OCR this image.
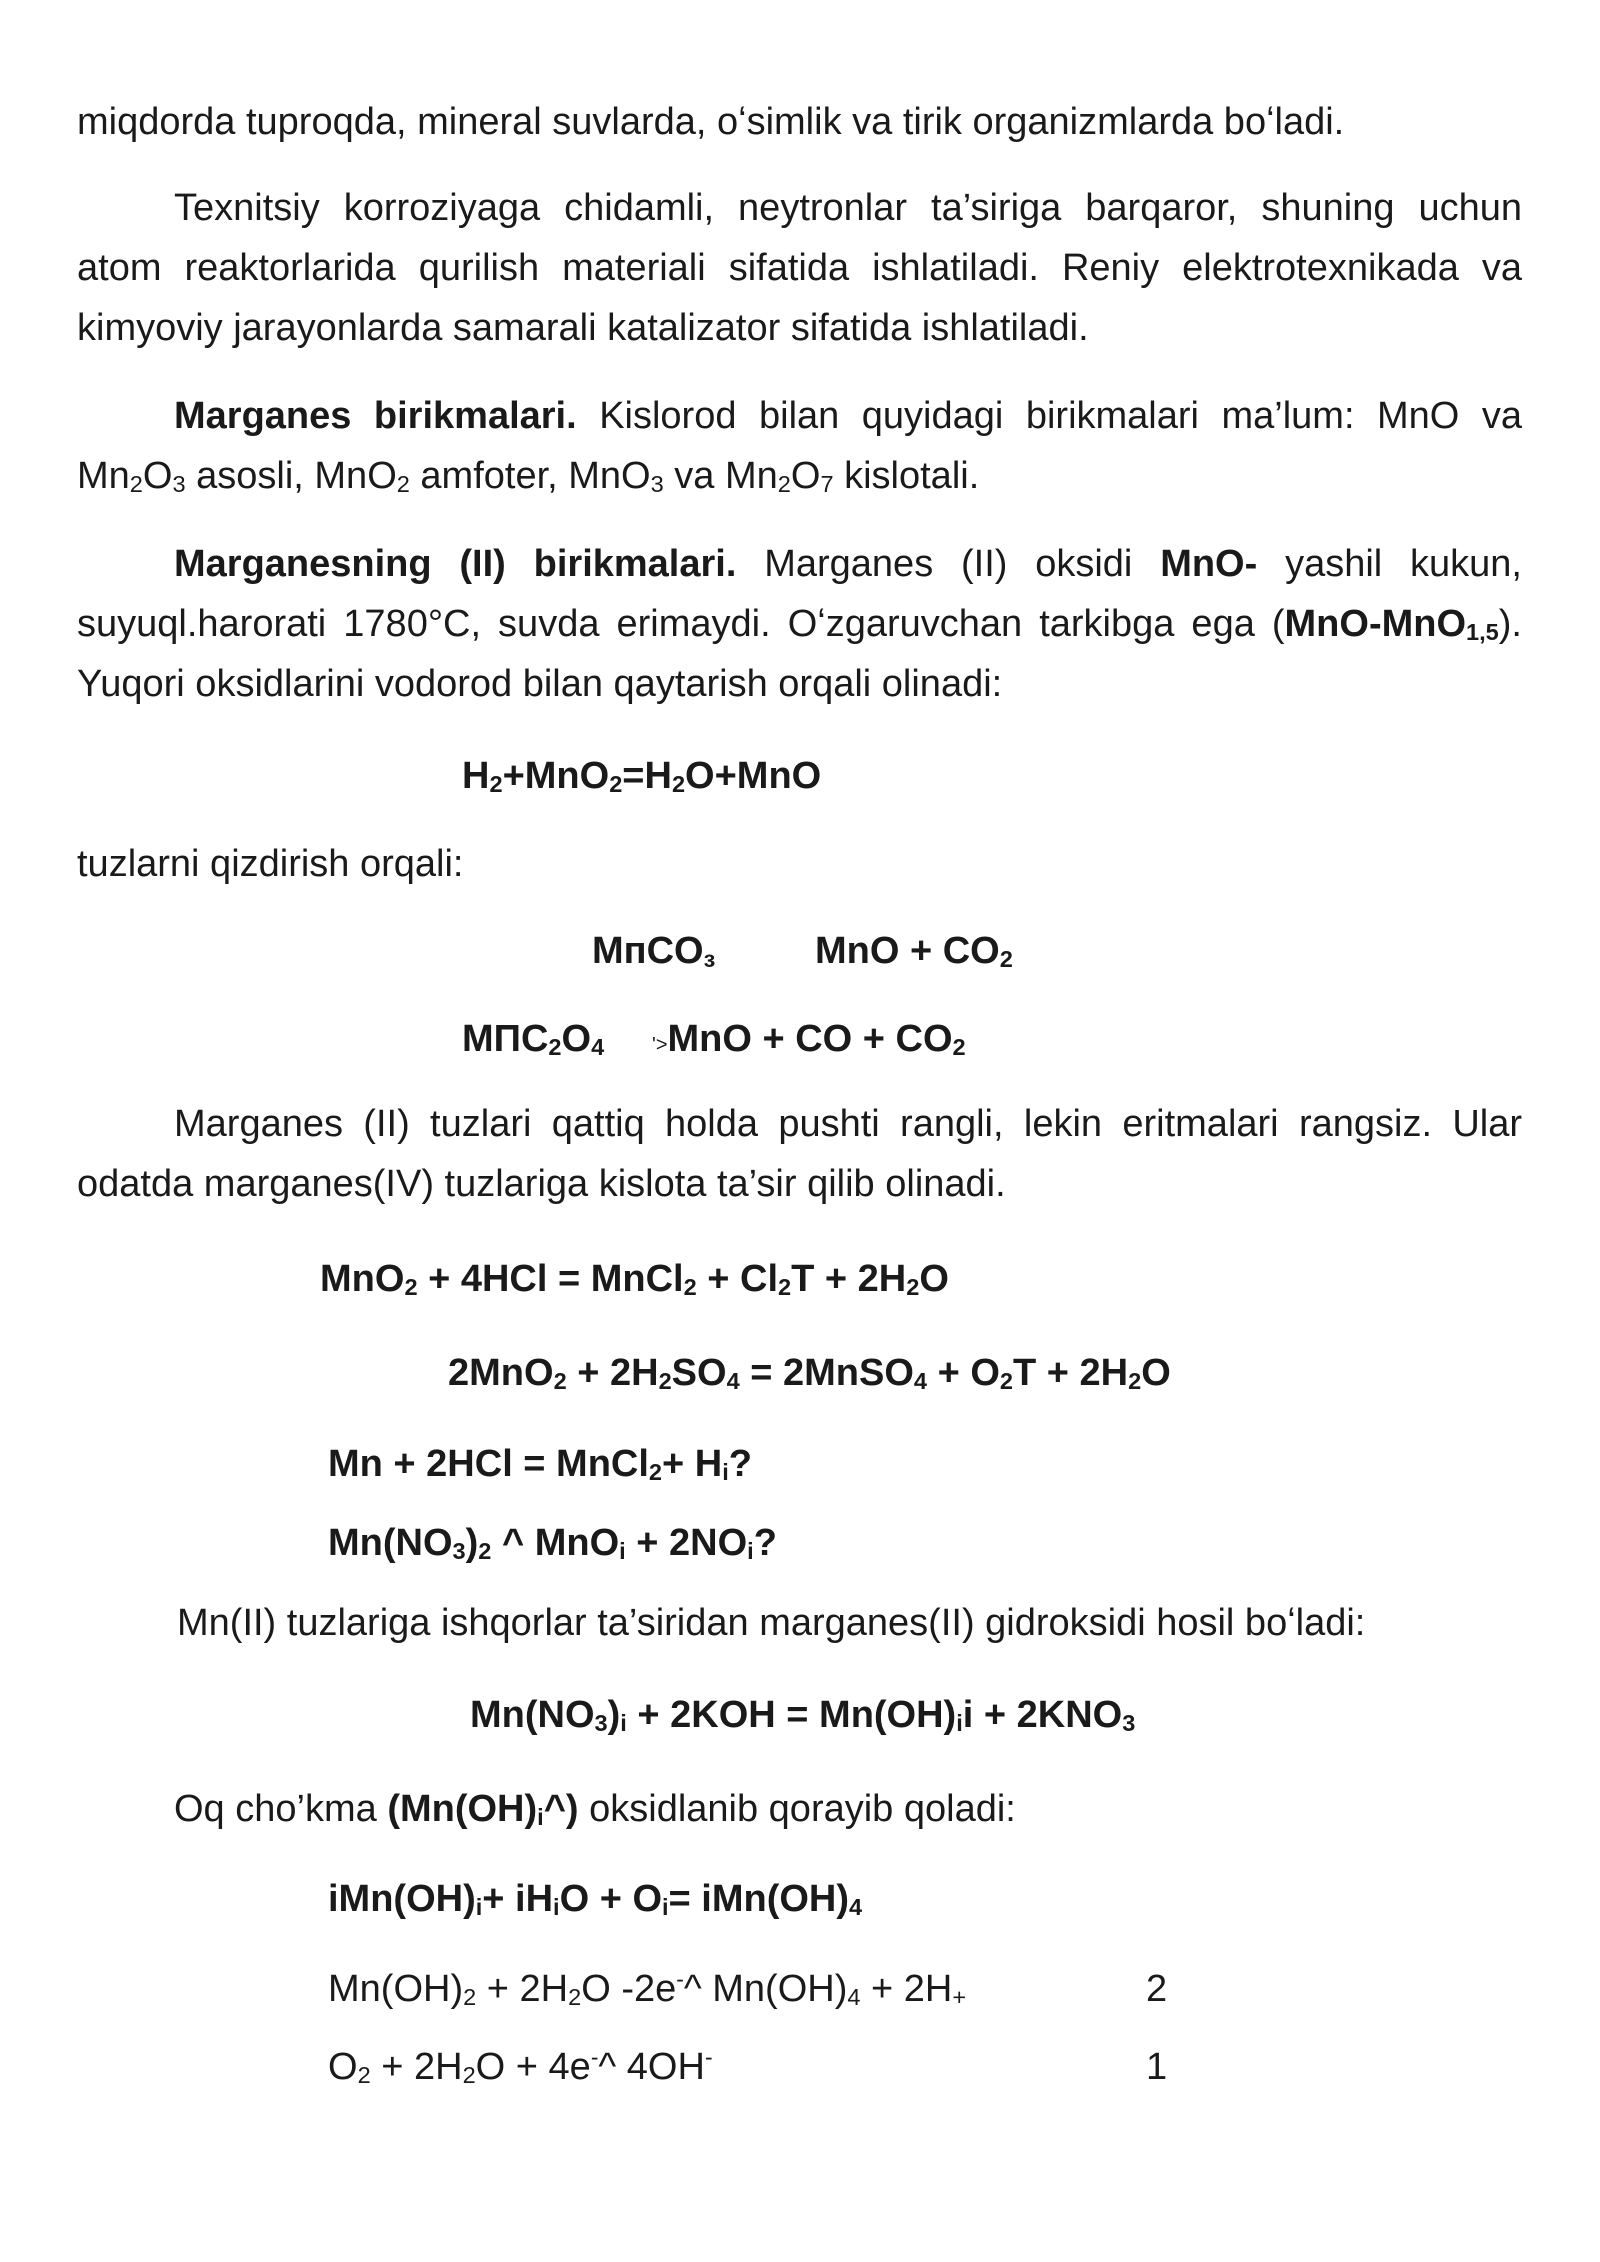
miqdorda tuproqda, mineral suvlarda, oʻsimlik va tirik organizmlarda boʻladi.
Texnitsiy korroziyaga chidamli, neytronlar ta’siriga barqaror, shuning uchun atom reaktorlarida qurilish materiali sifatida ishlatiladi. Reniy elektrotexnikada va kimyoviy jarayonlarda samarali katalizator sifatida ishlatiladi.
Marganes birikmalari. Kislorod bilan quyidagi birikmalari ma’lum: MnO va $Mn_2O_3$ asosli, MnO$_2$ amfoter, MnO$_3$ va $Mn_2O_7$ kislotali.
Marganesning (II) birikmalari. Marganes (II) oksidi MnO- yashil kukun, suyuql.harorati 1780°C, suvda erimaydi. Oʻzgaruvchan tarkibga ega (MnO-MnO$_{1,5}$). Yuqori oksidlarini vodorod bilan qaytarish orqali olinadi:
$H_2+MnO_2=H_2O+MnO$
tuzlarni qizdirish orqali:
MпCO$_з$	MnO + $CO_2$
$MПC_2O_4$ '>MnO + CO + $CO_2$
Marganes (II) tuzlari qattiq holda pushti rangli, lekin eritmalari rangsiz. Ular odatda marganes(IV) tuzlariga kislota ta’sir qilib olinadi.
MnO$_2$ + 4HCl = MnCl$_2$ + $Cl_2T + 2H_2O$
$2MnO_2 + 2H_2SO_4$ = 2MnSO$_4$ + $O_2T + 2H_2O$
Mn + 2HCl = MnCl$_2$+ $H_i$?
$Mn(NO_3)_2$ ^ $MnO_i + 2NO_i$?
Mn(II) tuzlariga ishqorlar ta’siridan marganes(II) gidroksidi hosil boʻladi:
$Mn(NO_3)_i + 2KOH = Mn(OH)_ii + 2KNO_3$
Oq cho’kma $(Mn(OH)_i\^{})$ oksidlanib qorayib qoladi:
$iMn(OH)_i+ iH_iO + O_i= iMn(OH)_4$
$Mn(OH)_2 + 2H_2O$ -2e-^ $Mn(OH)_4 + 2H_+$	2
$O_2 + 2H_2O$ + 4e-^ 4OH-	1
